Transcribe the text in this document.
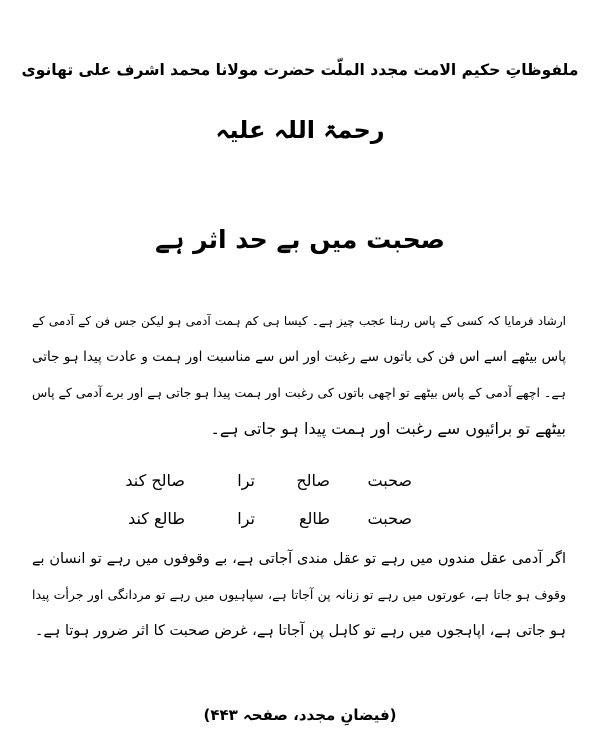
ملفوظاتِ حکیم الامت مجدد الملّت حضرت مولانا محمد اشرف علی تھانوی
رحمۃ اللہ علیہ
صحبت میں بے حد اثر ہے
ارشاد فرمایا کہ کسی کے پاس رہنا عجب چیز ہے۔ کیسا ہی کم ہمت آدمی ہو لیکن جس فن کے آدمی کے
پاس بیٹھے اسے اس فن کی باتوں سے رغبت اور اس سے مناسبت اور ہمت و عادت پیدا ہو جاتی
ہے۔ اچھے آدمی کے پاس بیٹھے تو اچھی باتوں کی رغبت اور ہمت پیدا ہو جاتی ہے اور برے آدمی کے پاس
بیٹھے تو برائیوں سے رغبت اور ہمت پیدا ہو جاتی ہے۔
صحبت
صالح
ترا
صالح کند
صحبت
طالع
ترا
طالع کند
اگر آدمی عقل مندوں میں رہے تو عقل مندی آجاتی ہے، بے وقوفوں میں رہے تو انسان بے
وقوف ہو جاتا ہے، عورتوں میں رہے تو زنانہ پن آجاتا ہے، سپاہیوں میں رہے تو مردانگی اور جرأت پیدا
ہو جاتی ہے، اپاہجوں میں رہے تو کاہل پن آجاتا ہے، غرض صحبت کا اثر ضرور ہوتا ہے۔
(فیضانِ مجدد، صفحہ ۴۴۳)
